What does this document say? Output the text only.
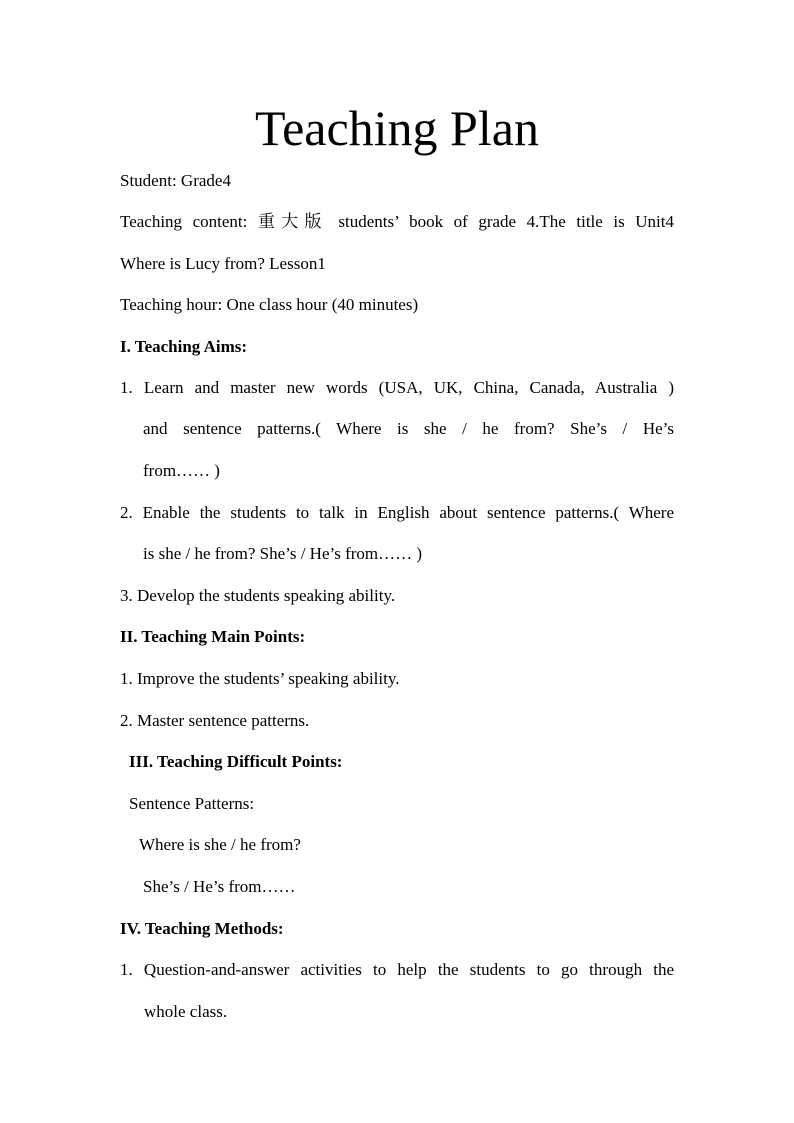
Teaching Plan
Student: Grade4
Teaching content: 重大版 students’ book of grade 4.The title is Unit4
Where is Lucy from? Lesson1
Teaching hour: One class hour (40 minutes)
I. Teaching Aims:
1. Learn and master new words (USA, UK, China, Canada, Australia )
and sentence patterns.( Where is she / he from? She’s / He’s
from…… )
2. Enable the students to talk in English about sentence patterns.( Where
is she / he from? She’s / He’s from…… )
3. Develop the students speaking ability.
II. Teaching Main Points:
1. Improve the students’ speaking ability.
2. Master sentence patterns.
III. Teaching Difficult Points:
Sentence Patterns:
Where is she / he from?
She’s / He’s from……
IV. Teaching Methods:
1. Question-and-answer activities to help the students to go through the
whole class.
